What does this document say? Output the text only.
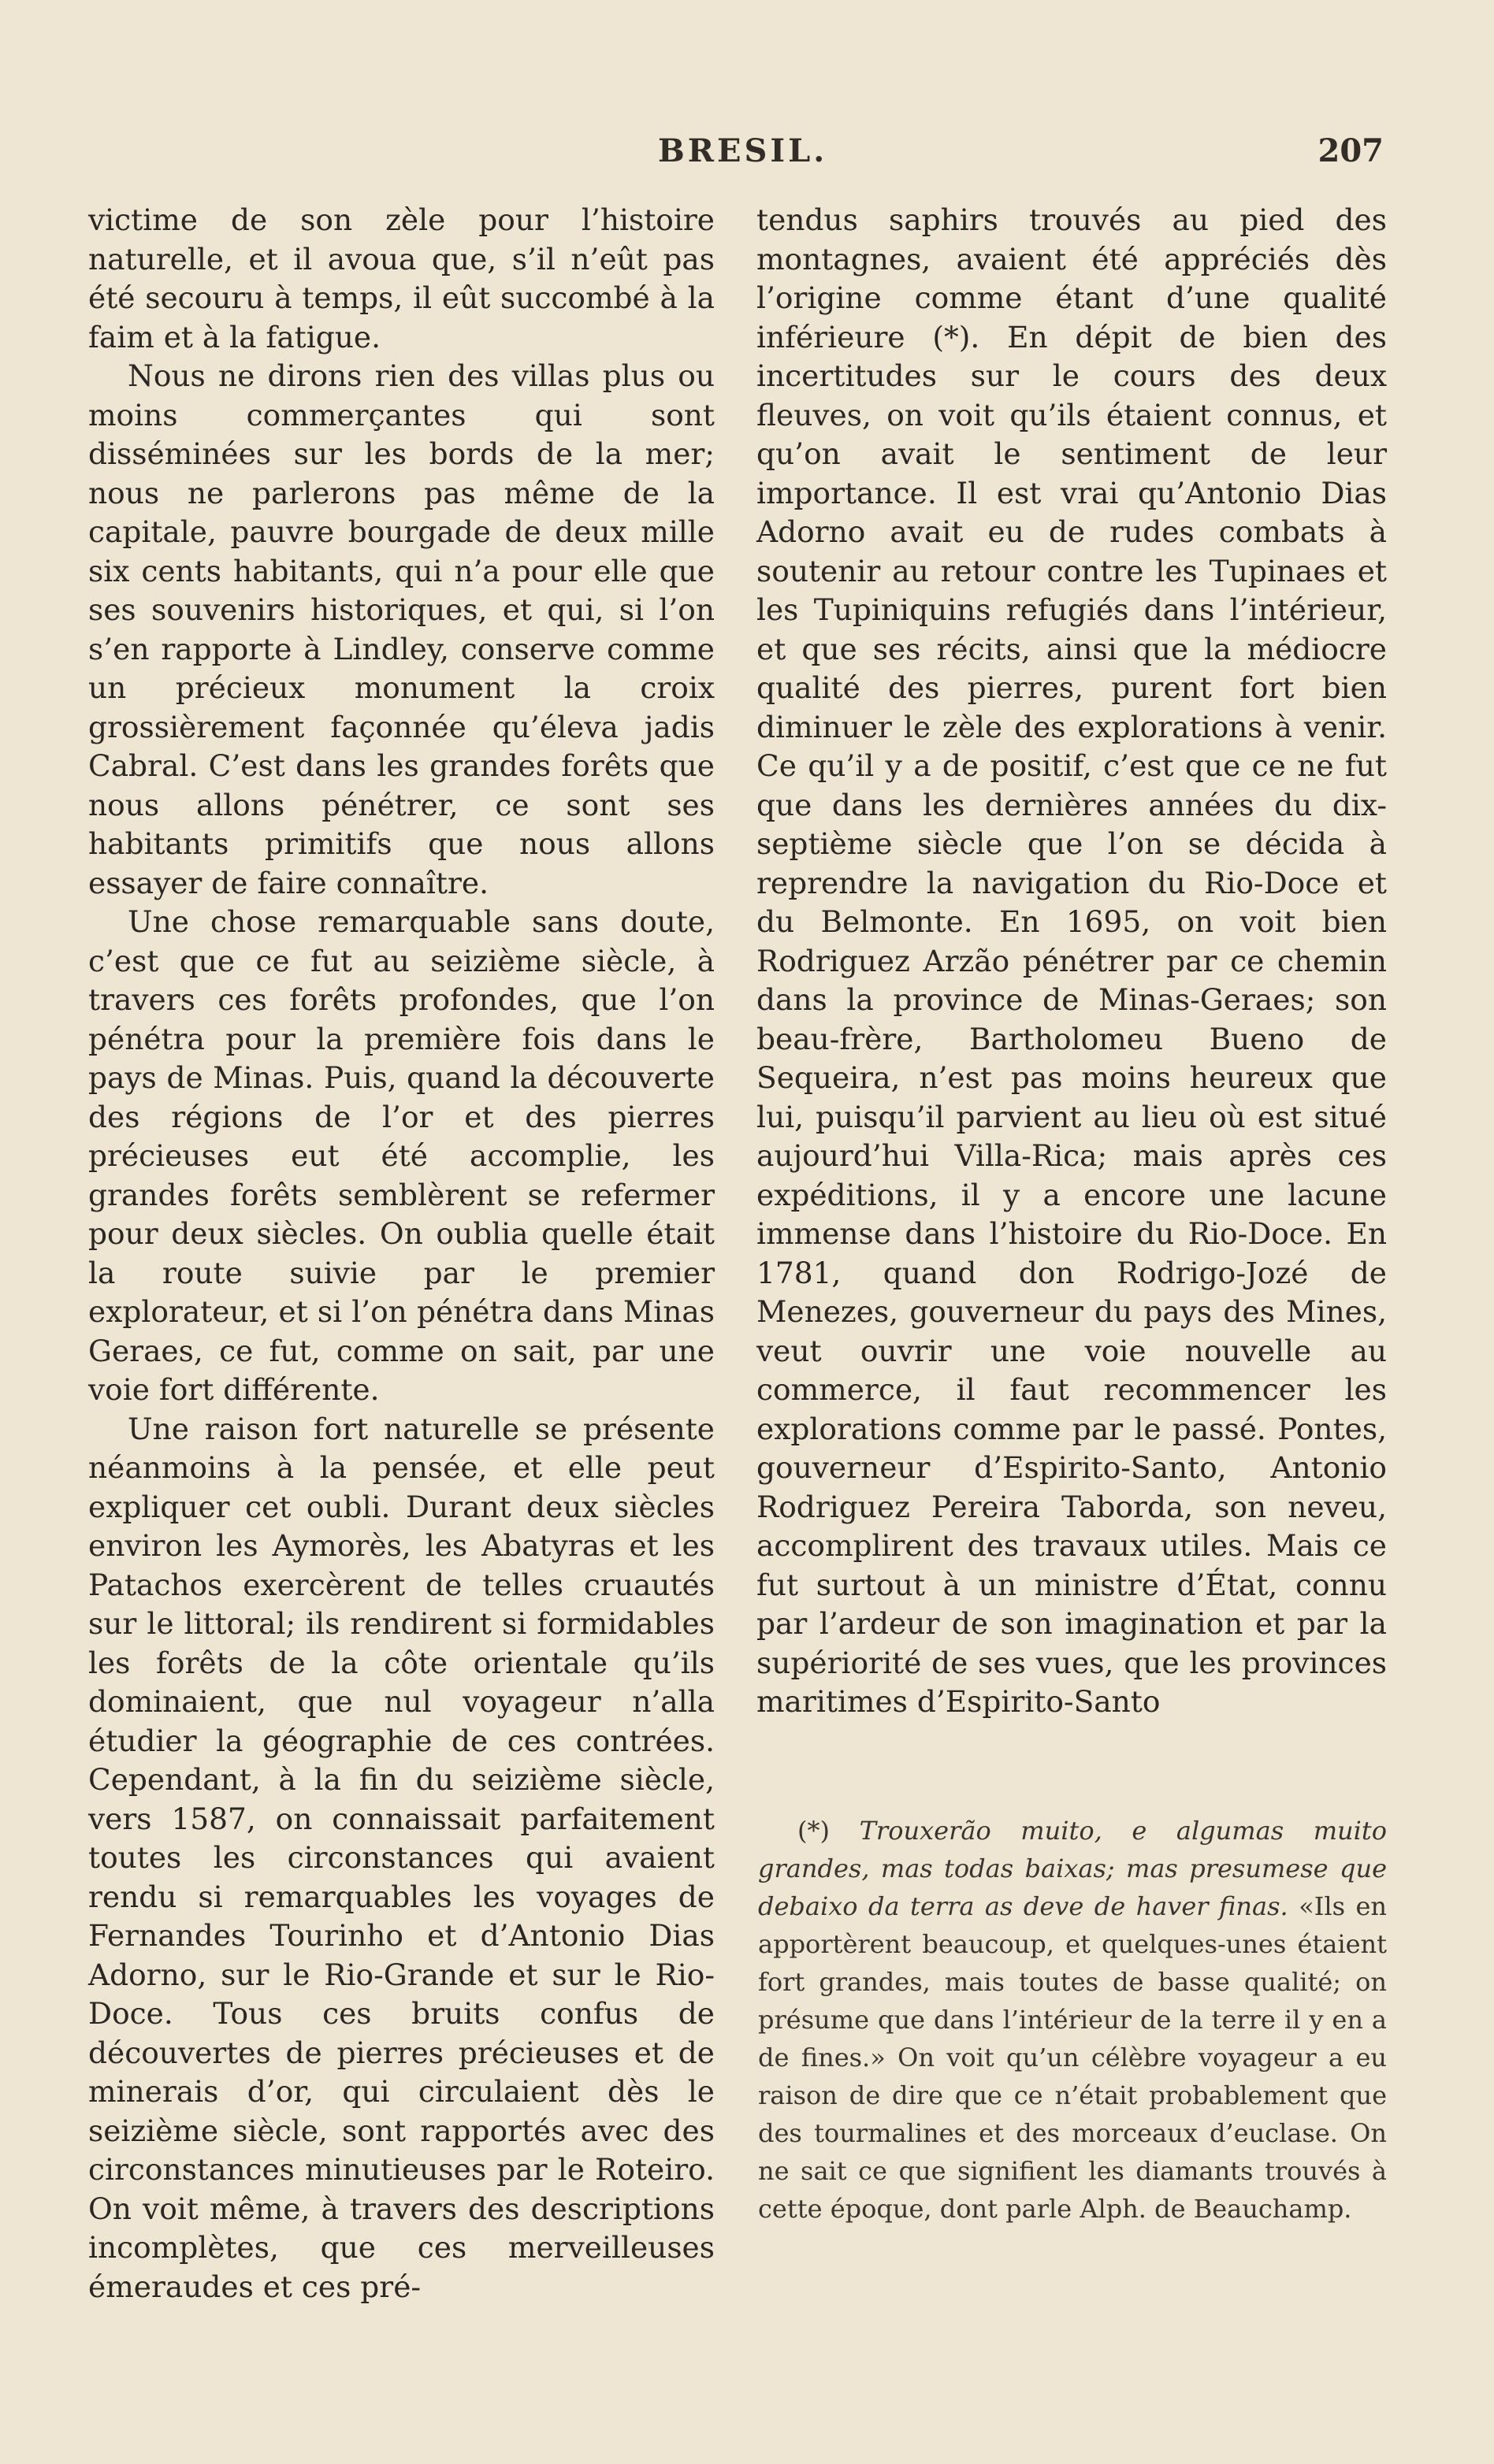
BRESIL.	207

victime de son zèle pour l’histoire naturelle, et il avoua que, s’il n’eût pas été secouru à temps, il eût succombé à la faim et à la fatigue.

Nous ne dirons rien des villas plus ou moins commerçantes qui sont disséminées sur les bords de la mer; nous ne parlerons pas même de la capitale, pauvre bourgade de deux mille six cents habitants, qui n’a pour elle que ses souvenirs historiques, et qui, si l’on s’en rapporte à Lindley, conserve comme un précieux monument la croix grossièrement façonnée qu’éleva jadis Cabral. C’est dans les grandes forêts que nous allons pénétrer, ce sont ses habitants primitifs que nous allons essayer de faire connaître.

Une chose remarquable sans doute, c’est que ce fut au seizième siècle, à travers ces forêts profondes, que l’on pénétra pour la première fois dans le pays de Minas. Puis, quand la découverte des régions de l’or et des pierres précieuses eut été accomplie, les grandes forêts semblèrent se refermer pour deux siècles. On oublia quelle était la route suivie par le premier explorateur, et si l’on pénétra dans Minas Geraes, ce fut, comme on sait, par une voie fort différente.

Une raison fort naturelle se présente néanmoins à la pensée, et elle peut expliquer cet oubli. Durant deux siècles environ les Aymorès, les Abatyras et les Patachos exercèrent de telles cruautés sur le littoral; ils rendirent si formidables les forêts de la côte orientale qu’ils dominaient, que nul voyageur n’alla étudier la géographie de ces contrées. Cependant, à la fin du seizième siècle, vers 1587, on connaissait parfaitement toutes les circonstances qui avaient rendu si remarquables les voyages de Fernandes Tourinho et d’Antonio Dias Adorno, sur le Rio-Grande et sur le Rio-Doce. Tous ces bruits confus de découvertes de pierres précieuses et de minerais d’or, qui circulaient dès le seizième siècle, sont rapportés avec des circonstances minutieuses par le Roteiro. On voit même, à travers des descriptions incomplètes, que ces merveilleuses émeraudes et ces pré-

tendus saphirs trouvés au pied des montagnes, avaient été appréciés dès l’origine comme étant d’une qualité inférieure (*). En dépit de bien des incertitudes sur le cours des deux fleuves, on voit qu’ils étaient connus, et qu’on avait le sentiment de leur importance. Il est vrai qu’Antonio Dias Adorno avait eu de rudes combats à soutenir au retour contre les Tupinaes et les Tupiniquins refugiés dans l’intérieur, et que ses récits, ainsi que la médiocre qualité des pierres, purent fort bien diminuer le zèle des explorations à venir. Ce qu’il y a de positif, c’est que ce ne fut que dans les dernières années du dix-septième siècle que l’on se décida à reprendre la navigation du Rio-Doce et du Belmonte. En 1695, on voit bien Rodriguez Arzão pénétrer par ce chemin dans la province de Minas-Geraes; son beau-frère, Bartholomeu Bueno de Sequeira, n’est pas moins heureux que lui, puisqu’il parvient au lieu où est situé aujourd’hui Villa-Rica; mais après ces expéditions, il y a encore une lacune immense dans l’histoire du Rio-Doce. En 1781, quand don Rodrigo-Jozé de Menezes, gouverneur du pays des Mines, veut ouvrir une voie nouvelle au commerce, il faut recommencer les explorations comme par le passé. Pontes, gouverneur d’Espirito-Santo, Antonio Rodriguez Pereira Taborda, son neveu, accomplirent des travaux utiles. Mais ce fut surtout à un ministre d’État, connu par l’ardeur de son imagination et par la supériorité de ses vues, que les provinces maritimes d’Espirito-Santo

(*) Trouxerão muito, e algumas muito grandes, mas todas baixas; mas presumese que debaixo da terra as deve de haver finas. «Ils en apportèrent beaucoup, et quelques-unes étaient fort grandes, mais toutes de basse qualité; on présume que dans l’intérieur de la terre il y en a de fines.» On voit qu’un célèbre voyageur a eu raison de dire que ce n’était probablement que des tourmalines et des morceaux d’euclase. On ne sait ce que signifient les diamants trouvés à cette époque, dont parle Alph. de Beauchamp.
